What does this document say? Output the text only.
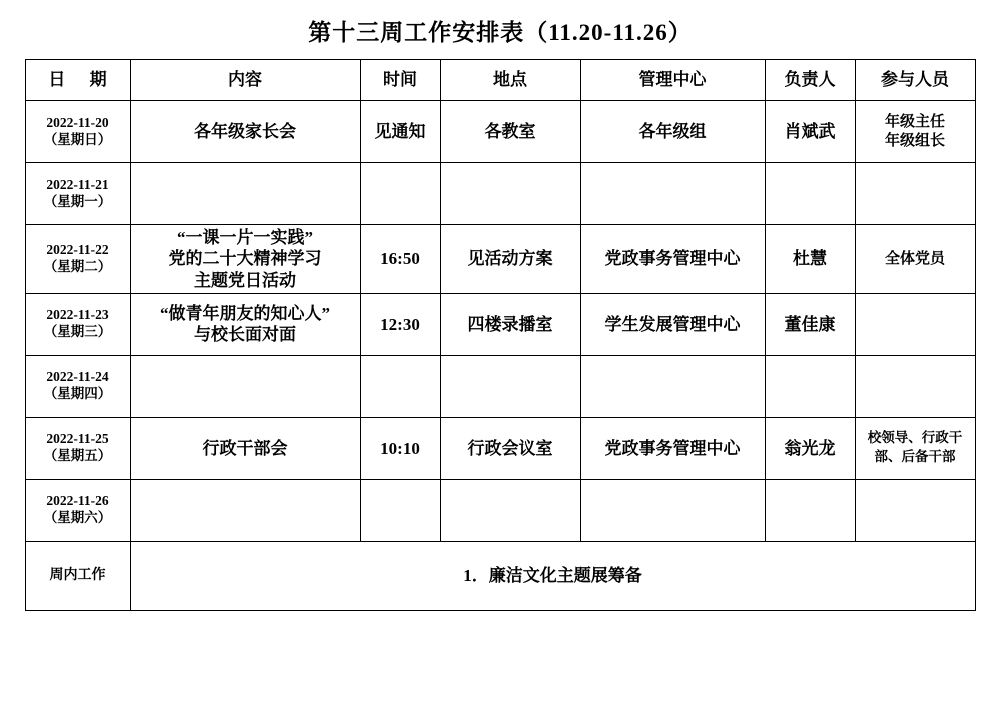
第十三周工作安排表（11.20-11.26）
日 期	内容	时间	地点	管理中心	负责人	参与人员

2022-11-20
（星期日）	各年级家长会	见通知	各教室	各年级组	肖斌武	年级主任
年级组长

2022-11-21
（星期一）						

2022-11-22
（星期二）	“一课一片一实践”
党的二十大精神学习
主题党日活动	16:50	见活动方案	党政事务管理中心	杜慧	全体党员

2022-11-23
（星期三）	“做青年朋友的知心人”
与校长面对面	12:30	四楼录播室	学生发展管理中心	董佳康	

2022-11-24
（星期四）						

2022-11-25
（星期五）	行政干部会	10:10	行政会议室	党政事务管理中心	翁光龙	校领导、行政干
部、后备干部

2022-11-26
（星期六）						

周内工作	1．廉洁文化主题展筹备					
